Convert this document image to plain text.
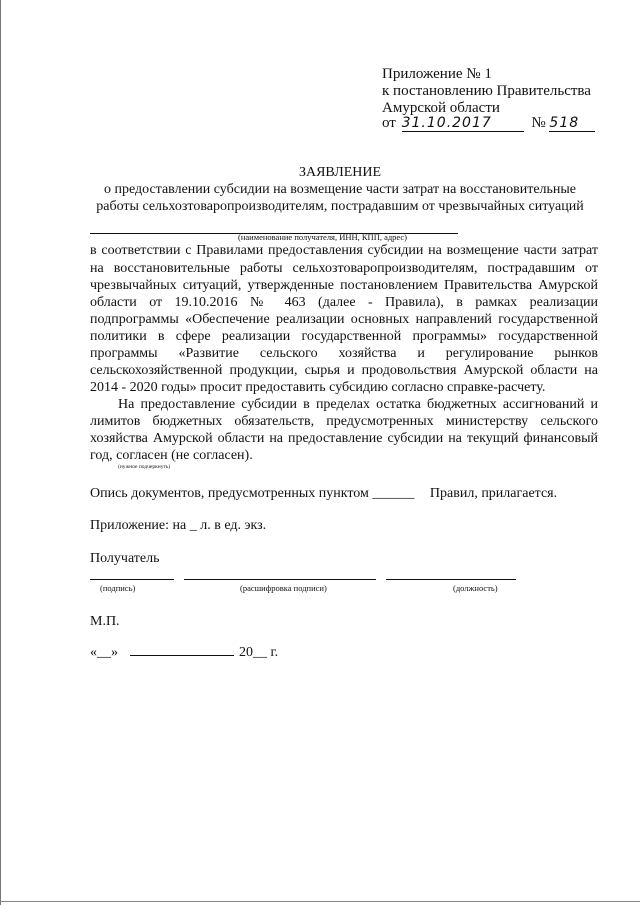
Приложение № 1
к постановлению Правительства
Амурской области
от 31.10.2017	№ 518
ЗАЯВЛЕНИЕ
о предоставлении субсидии на возмещение части затрат на восстановительные
работы сельхозтоваропроизводителям, пострадавшим от чрезвычайных ситуаций
(наименование получателя, ИНН, КПП, адрес)
в соответствии с Правилами предоставления субсидии на возмещение части затрат
на восстановительные работы сельхозтоваропроизводителям, пострадавшим от
чрезвычайных ситуаций, утвержденные постановлением Правительства Амурской
области от 19.10.2016 № 463 (далее - Правила), в рамках реализации
подпрограммы «Обеспечение реализации основных направлений государственной
политики в сфере реализации государственной программы» государственной
программы «Развитие сельского хозяйства и регулирование рынков
сельскохозяйственной продукции, сырья и продовольствия Амурской области на
2014 - 2020 годы» просит предоставить субсидию согласно справке-расчету.
На предоставление субсидии в пределах остатка бюджетных ассигнований и
лимитов бюджетных обязательств, предусмотренных министерству сельского
хозяйства Амурской области на предоставление субсидии на текущий финансовый
год, согласен (не согласен).
(нужное подчеркнуть)
Опись документов, предусмотренных пунктом ______ Правил, прилагается.
Приложение: на _ л. в ед. экз.
Получатель
(подпись)	(расшифровка подписи)	(должность)
М.П.
«__»	20__ г.
